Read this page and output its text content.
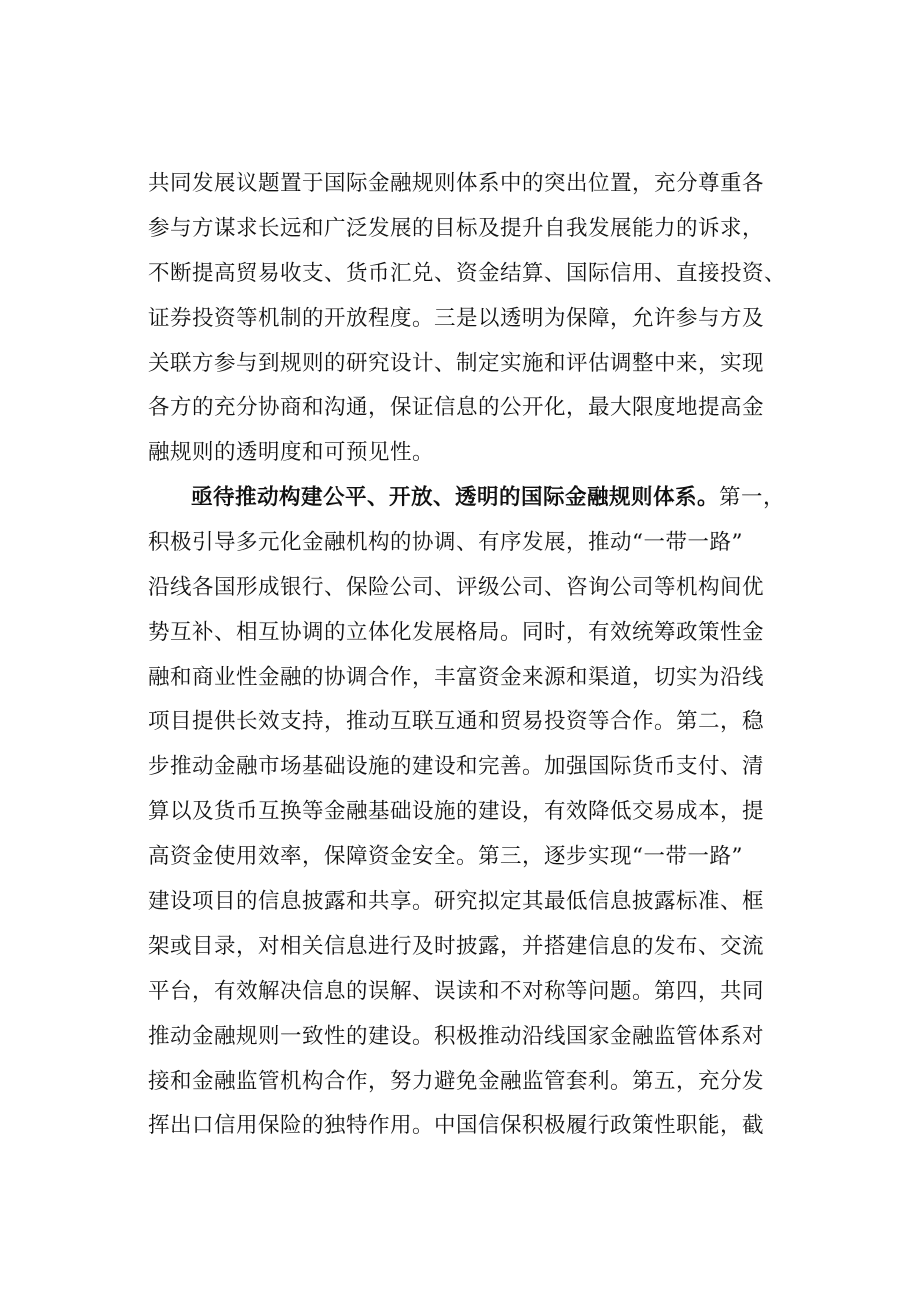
共同发展议题置于国际金融规则体系中的突出位置，充分尊重各
参与方谋求长远和广泛发展的目标及提升自我发展能力的诉求，
不断提高贸易收支、货币汇兑、资金结算、国际信用、直接投资、
证券投资等机制的开放程度。三是以透明为保障，允许参与方及
关联方参与到规则的研究设计、制定实施和评估调整中来，实现
各方的充分协商和沟通，保证信息的公开化，最大限度地提高金
融规则的透明度和可预见性。
亟待推动构建公平、开放、透明的国际金融规则体系。第一，
积极引导多元化金融机构的协调、有序发展，推动“一带一路”
沿线各国形成银行、保险公司、评级公司、咨询公司等机构间优
势互补、相互协调的立体化发展格局。同时，有效统筹政策性金
融和商业性金融的协调合作，丰富资金来源和渠道，切实为沿线
项目提供长效支持，推动互联互通和贸易投资等合作。第二，稳
步推动金融市场基础设施的建设和完善。加强国际货币支付、清
算以及货币互换等金融基础设施的建设，有效降低交易成本，提
高资金使用效率，保障资金安全。第三，逐步实现“一带一路”
建设项目的信息披露和共享。研究拟定其最低信息披露标准、框
架或目录，对相关信息进行及时披露，并搭建信息的发布、交流
平台，有效解决信息的误解、误读和不对称等问题。第四，共同
推动金融规则一致性的建设。积极推动沿线国家金融监管体系对
接和金融监管机构合作，努力避免金融监管套利。第五，充分发
挥出口信用保险的独特作用。中国信保积极履行政策性职能，截
